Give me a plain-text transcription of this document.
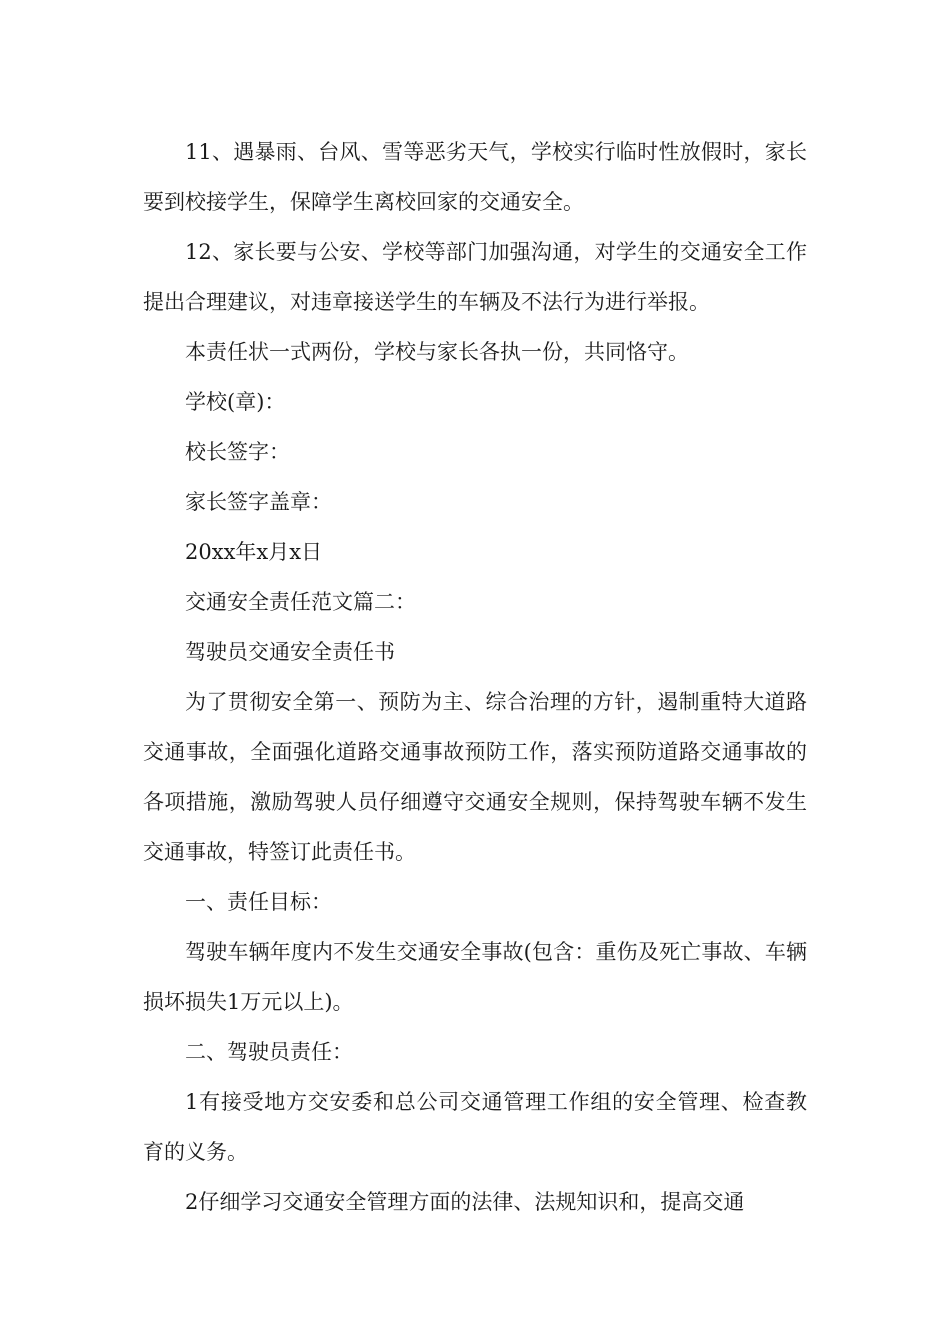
11、遇暴雨、台风、雪等恶劣天气，学校实行临时性放假时，家长要到校接学生，保障学生离校回家的交通安全。

12、家长要与公安、学校等部门加强沟通，对学生的交通安全工作提出合理建议，对违章接送学生的车辆及不法行为进行举报。

本责任状一式两份，学校与家长各执一份，共同恪守。

学校(章)：

校长签字：

家长签字盖章：

20xx年x月x日

交通安全责任范文篇二：

驾驶员交通安全责任书

为了贯彻安全第一、预防为主、综合治理的方针，遏制重特大道路交通事故，全面强化道路交通事故预防工作，落实预防道路交通事故的各项措施，激励驾驶人员仔细遵守交通安全规则，保持驾驶车辆不发生交通事故，特签订此责任书。

一、责任目标：

驾驶车辆年度内不发生交通安全事故(包含：重伤及死亡事故、车辆损坏损失1万元以上)。

二、驾驶员责任：

1有接受地方交安委和总公司交通管理工作组的安全管理、检查教育的义务。

2仔细学习交通安全管理方面的法律、法规知识和，提高交通
